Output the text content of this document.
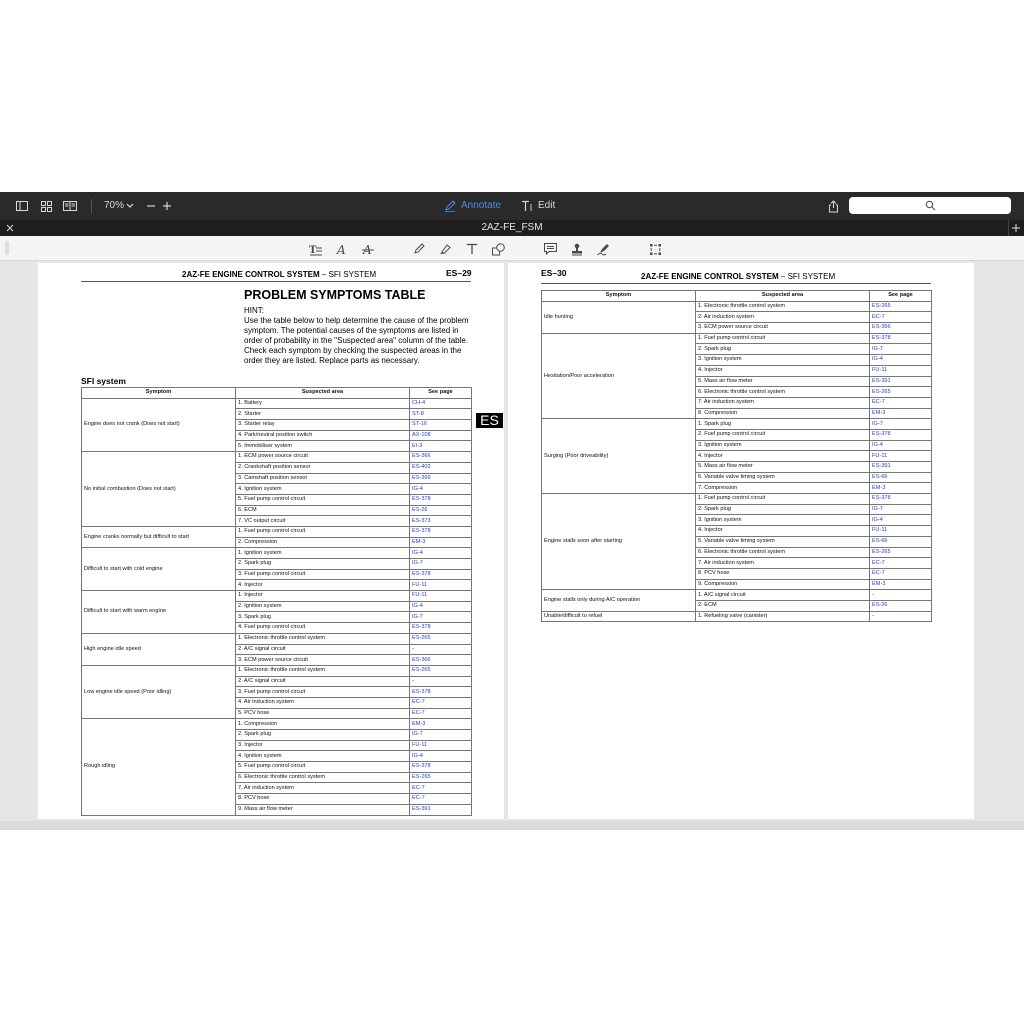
70%	Annotate	Edit
2AZ-FE_FSM
T A A
2AZ-FE ENGINE CONTROL SYSTEM – SFI SYSTEM	ES–29
PROBLEM SYMPTOMS TABLE
HINT:
Use the table below to help determine the cause of the problem symptom. The potential causes of the symptoms are listed in order of probability in the "Suspected area" column of the table. Check each symptom by checking the suspected areas in the order they are listed. Replace parts as necessary.
SFI system
Symptom	Suspected area	See page
Engine does not crank (Does not start)	1. Battery	CH-4
	2. Starter	ST-8
	3. Starter relay	ST-16
	4. Park/neutral position switch	AX-108
	5. Immobiliser system	EI-3
No initial combustion (Does not start)	1. ECM power source circuit	ES-366
	2. Crankshaft position sensor	ES-402
	3. Camshaft position sensor	ES-399
	4. Ignition system	IG-4
	5. Fuel pump control circuit	ES-378
	6. ECM	ES-26
	7. VC output circuit	ES-373
Engine cranks normally but difficult to start	1. Fuel pump control circuit	ES-378
	2. Compression	EM-3
Difficult to start with cold engine	1. Ignition system	IG-4
	2. Spark plug	IG-7
	3. Fuel pump control circuit	ES-378
	4. Injector	FU-11
Difficult to start with warm engine	1. Injector	FU-11
	2. Ignition system	IG-4
	3. Spark plug	IG-7
	4. Fuel pump control circuit	ES-378
High engine idle speed	1. Electronic throttle control system	ES-265
	2. A/C signal circuit	-
	3. ECM power source circuit	ES-366
Low engine idle speed (Poor idling)	1. Electronic throttle control system	ES-265
	2. A/C signal circuit	-
	3. Fuel pump control circuit	ES-378
	4. Air induction system	EC-7
	5. PCV hose	EC-7
Rough idling	1. Compression	EM-3
	2. Spark plug	IG-7
	3. Injector	FU-11
	4. Ignition system	IG-4
	5. Fuel pump control circuit	ES-378
	6. Electronic throttle control system	ES-265
	7. Air induction system	EC-7
	8. PCV hose	EC-7
	9. Mass air flow meter	ES-391
ES
ES–30	2AZ-FE ENGINE CONTROL SYSTEM – SFI SYSTEM
Symptom	Suspected area	See page
Idle hunting	1. Electronic throttle control system	ES-265
	2. Air induction system	EC-7
	3. ECM power source circuit	ES-366
Hesitation/Poor acceleration	1. Fuel pump control circuit	ES-378
	2. Spark plug	IG-7
	3. Ignition system	IG-4
	4. Injector	FU-11
	5. Mass air flow meter	ES-391
	6. Electronic throttle control system	ES-265
	7. Air induction system	EC-7
	8. Compression	EM-3
Surging (Poor driveability)	1. Spark plug	IG-7
	2. Fuel pump control circuit	ES-378
	3. Ignition system	IG-4
	4. Injector	FU-11
	5. Mass air flow meter	ES-391
	6. Variable valve timing system	ES-66
	7. Compression	EM-3
Engine stalls soon after starting	1. Fuel pump control circuit	ES-378
	2. Spark plug	IG-7
	3. Ignition system	IG-4
	4. Injector	FU-11
	5. Variable valve timing system	ES-66
	6. Electronic throttle control system	ES-265
	7. Air induction system	EC-7
	8. PCV hose	EC-7
	9. Compression	EM-3
Engine stalls only during A/C operation	1. A/C signal circuit	-
	2. ECM	ES-26
Unable/difficult to refuel	1. Refueling valve (canister)	-
